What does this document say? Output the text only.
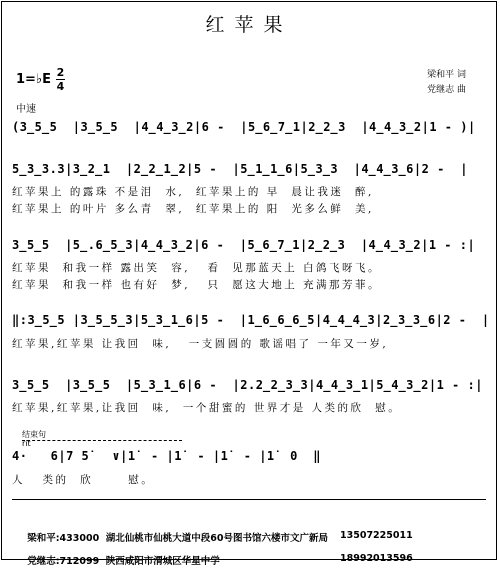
红苹果
1=♭E 2
4
中速
梁和平 词
党继志 曲
(3̲5̲5  |3̲5̲5  |4̲4̲3̲2|6 -  |5̲6̲7̲1|2̲2̲3  |4̲4̲3̲2|1 - )|
5̲3̲3.3|3̲2̲1  |2̲2̲1̲2|5 -  |5̲1̲1̲6|5̲3̲3  |4̲4̲3̲6|2 -  |
红苹果上 的露珠 不是泪  水,  红苹果上的 早  晨让我迷  醉,
红苹果上 的叶片 多么青  翠,  红苹果上的 阳  光多么鲜  美,
3̲5̲5  |5̲.6̲5̲3|4̲4̲3̲2|6 -  |5̲6̲7̲1|2̲2̲3  |4̲4̲3̲2|1 - :|
红苹果  和我一样 露出笑  容,   看  见那蓝天上 白鸽飞呀飞。
红苹果  和我一样 也有好  梦,   只  愿这大地上 充满那芳菲。
‖:3̲5̲5 |3̲5̲5̲3|5̲3̲1̲6|5 -  |1̲6̲6̲6̲5|4̲4̲4̲3|2̲3̲3̲6|2 -  |
红苹果,红苹果 让我回  味,   一支圆圆的 歌谣唱了 一年又一岁,
3̲5̲5  |3̲5̲5  |5̲3̲1̲6|6 -  |2.2̲2̲3̲3|4̲4̲3̲1|5̲4̲3̲2|1 - :|
红苹果,红苹果,让我回  味,  一个甜蜜的 世界才是 人类的欣  慰。
结束句
rit
4·   6|7 5̇   ∨|1̇  - |1̇  - |1̇  - |1̇  0  ‖
人   类的  欣      慰。

梁和平:433000  湖北仙桃市仙桃大道中段60号图书馆六楼市文广新局 13507225011

党继志:712099  陕西咸阳市渭城区华星中学	18992013596
